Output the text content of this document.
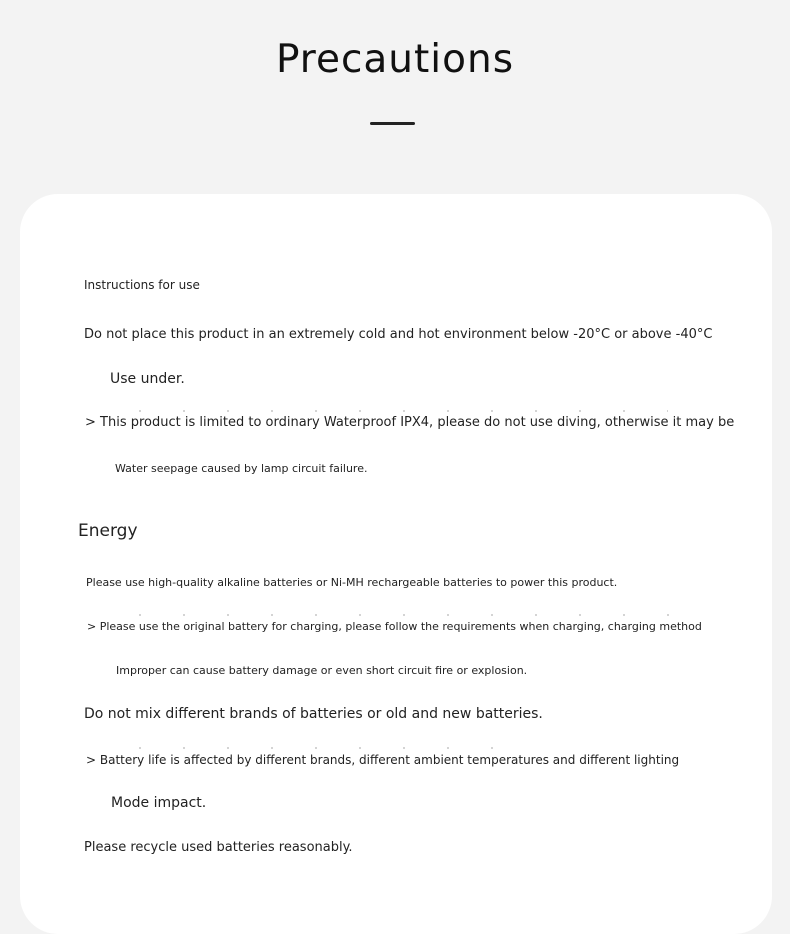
Precautions

Instructions for use

Do not place this product in an extremely cold and hot environment below -20°C or above -40°C

Use under.

> This product is limited to ordinary Waterproof IPX4, please do not use diving, otherwise it may be

Water seepage caused by lamp circuit failure.

Energy

Please use high-quality alkaline batteries or Ni-MH rechargeable batteries to power this product.

> Please use the original battery for charging, please follow the requirements when charging, charging method

Improper can cause battery damage or even short circuit fire or explosion.

Do not mix different brands of batteries or old and new batteries.

> Battery life is affected by different brands, different ambient temperatures and different lighting

Mode impact.

Please recycle used batteries reasonably.
